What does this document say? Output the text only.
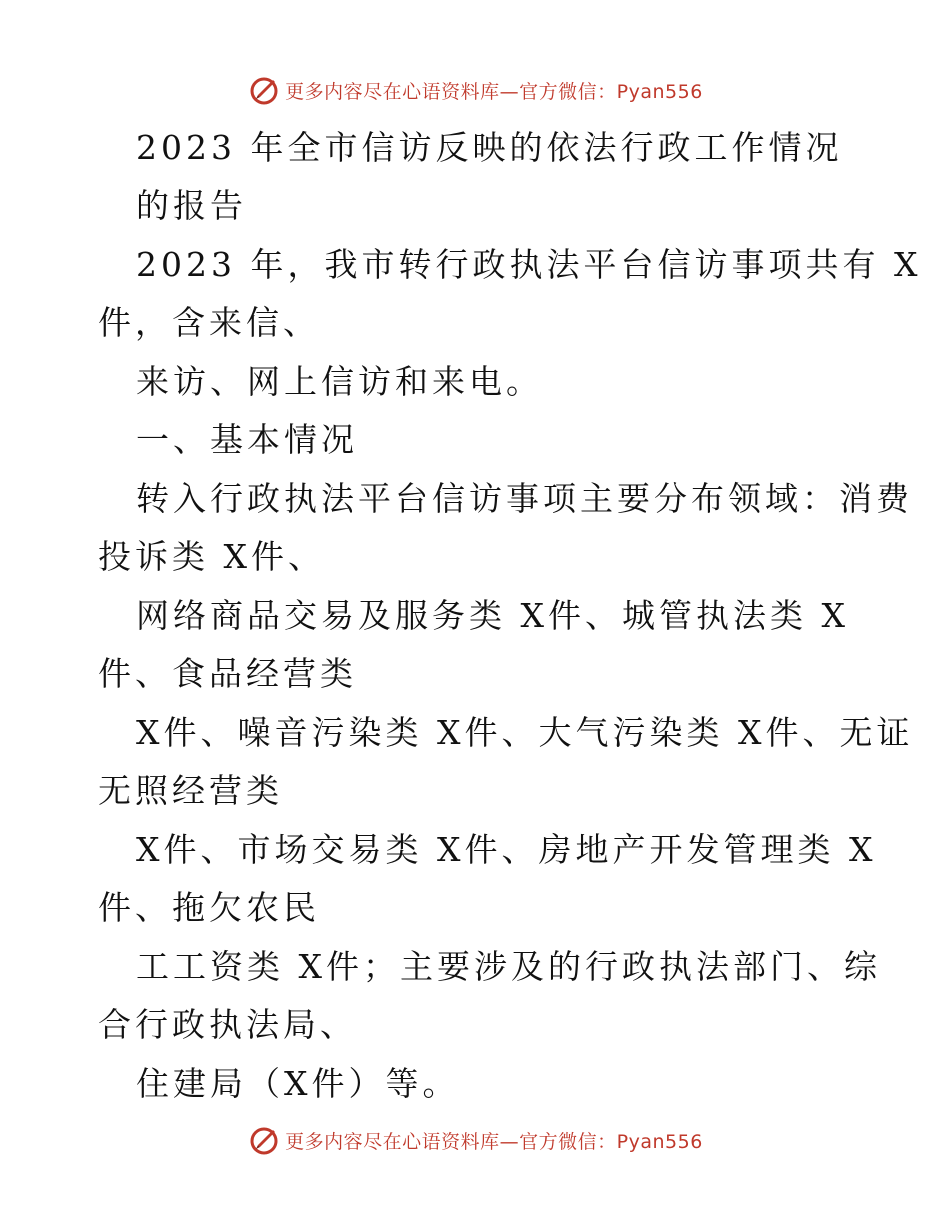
更多内容尽在心语资料库—官方微信：Pyan556
2023 年全市信访反映的依法行政工作情况
的报告
2023 年，我市转行政执法平台信访事项共有 X
件，含来信、
来访、网上信访和来电。
一、基本情况
转入行政执法平台信访事项主要分布领域：消费
投诉类 X件、
网络商品交易及服务类 X件、城管执法类 X
件、食品经营类
X件、噪音污染类 X件、大气污染类 X件、无证
无照经营类
X件、市场交易类 X件、房地产开发管理类 X
件、拖欠农民
工工资类 X件；主要涉及的行政执法部门、综
合行政执法局、
住建局（X件）等。
更多内容尽在心语资料库—官方微信：Pyan556
